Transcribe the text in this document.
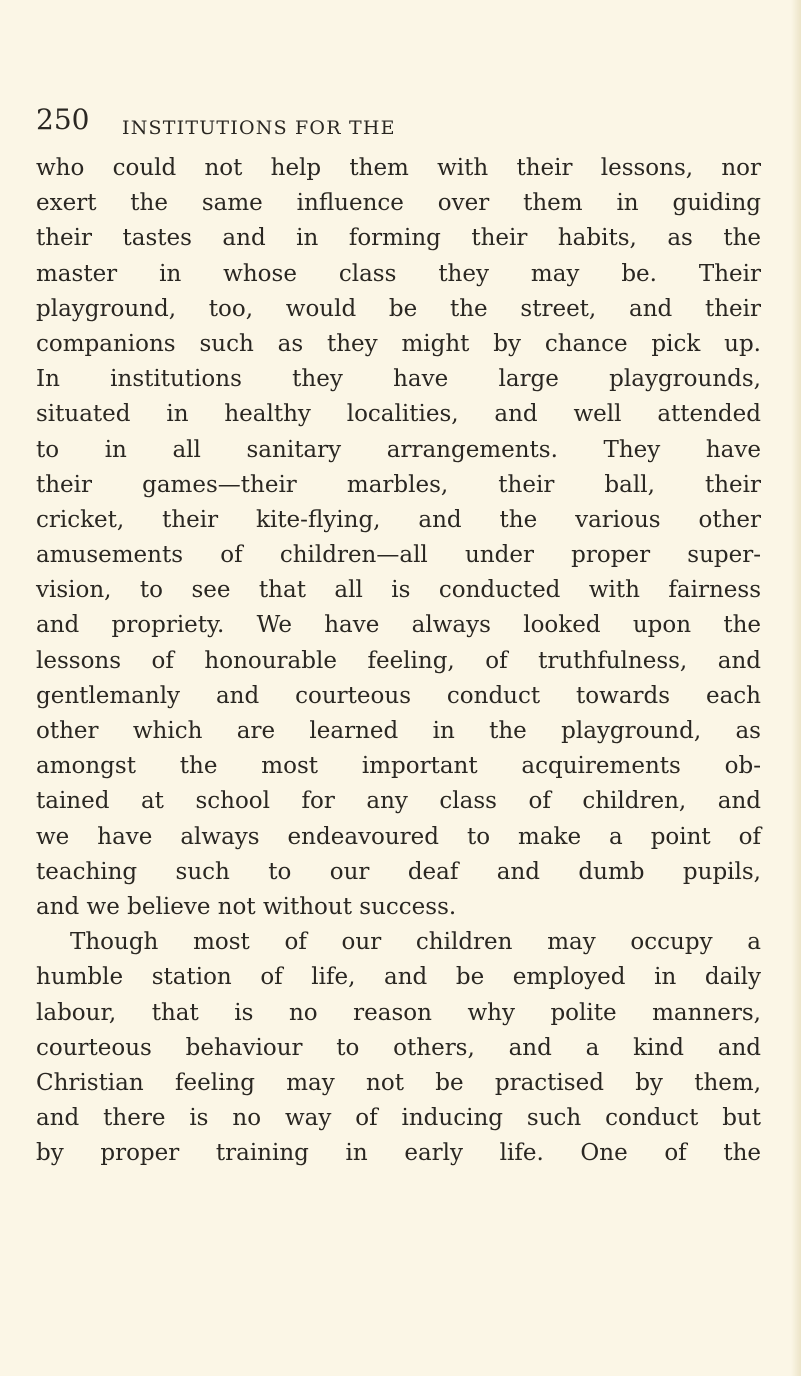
250 INSTITUTIONS FOR THE
who could not help them with their lessons, nor
exert the same influence over them in guiding
their tastes and in forming their habits, as the
master in whose class they may be. Their
playground, too, would be the street, and their
companions such as they might by chance pick up.
In institutions they have large playgrounds,
situated in healthy localities, and well attended
to in all sanitary arrangements. They have
their games—their marbles, their ball, their
cricket, their kite-flying, and the various other
amusements of children—all under proper super-
vision, to see that all is conducted with fairness
and propriety. We have always looked upon the
lessons of honourable feeling, of truthfulness, and
gentlemanly and courteous conduct towards each
other which are learned in the playground, as
amongst the most important acquirements ob-
tained at school for any class of children, and
we have always endeavoured to make a point of
teaching such to our deaf and dumb pupils,
and we believe not without success.
Though most of our children may occupy a
humble station of life, and be employed in daily
labour, that is no reason why polite manners,
courteous behaviour to others, and a kind and
Christian feeling may not be practised by them,
and there is no way of inducing such conduct but
by proper training in early life. One of the
